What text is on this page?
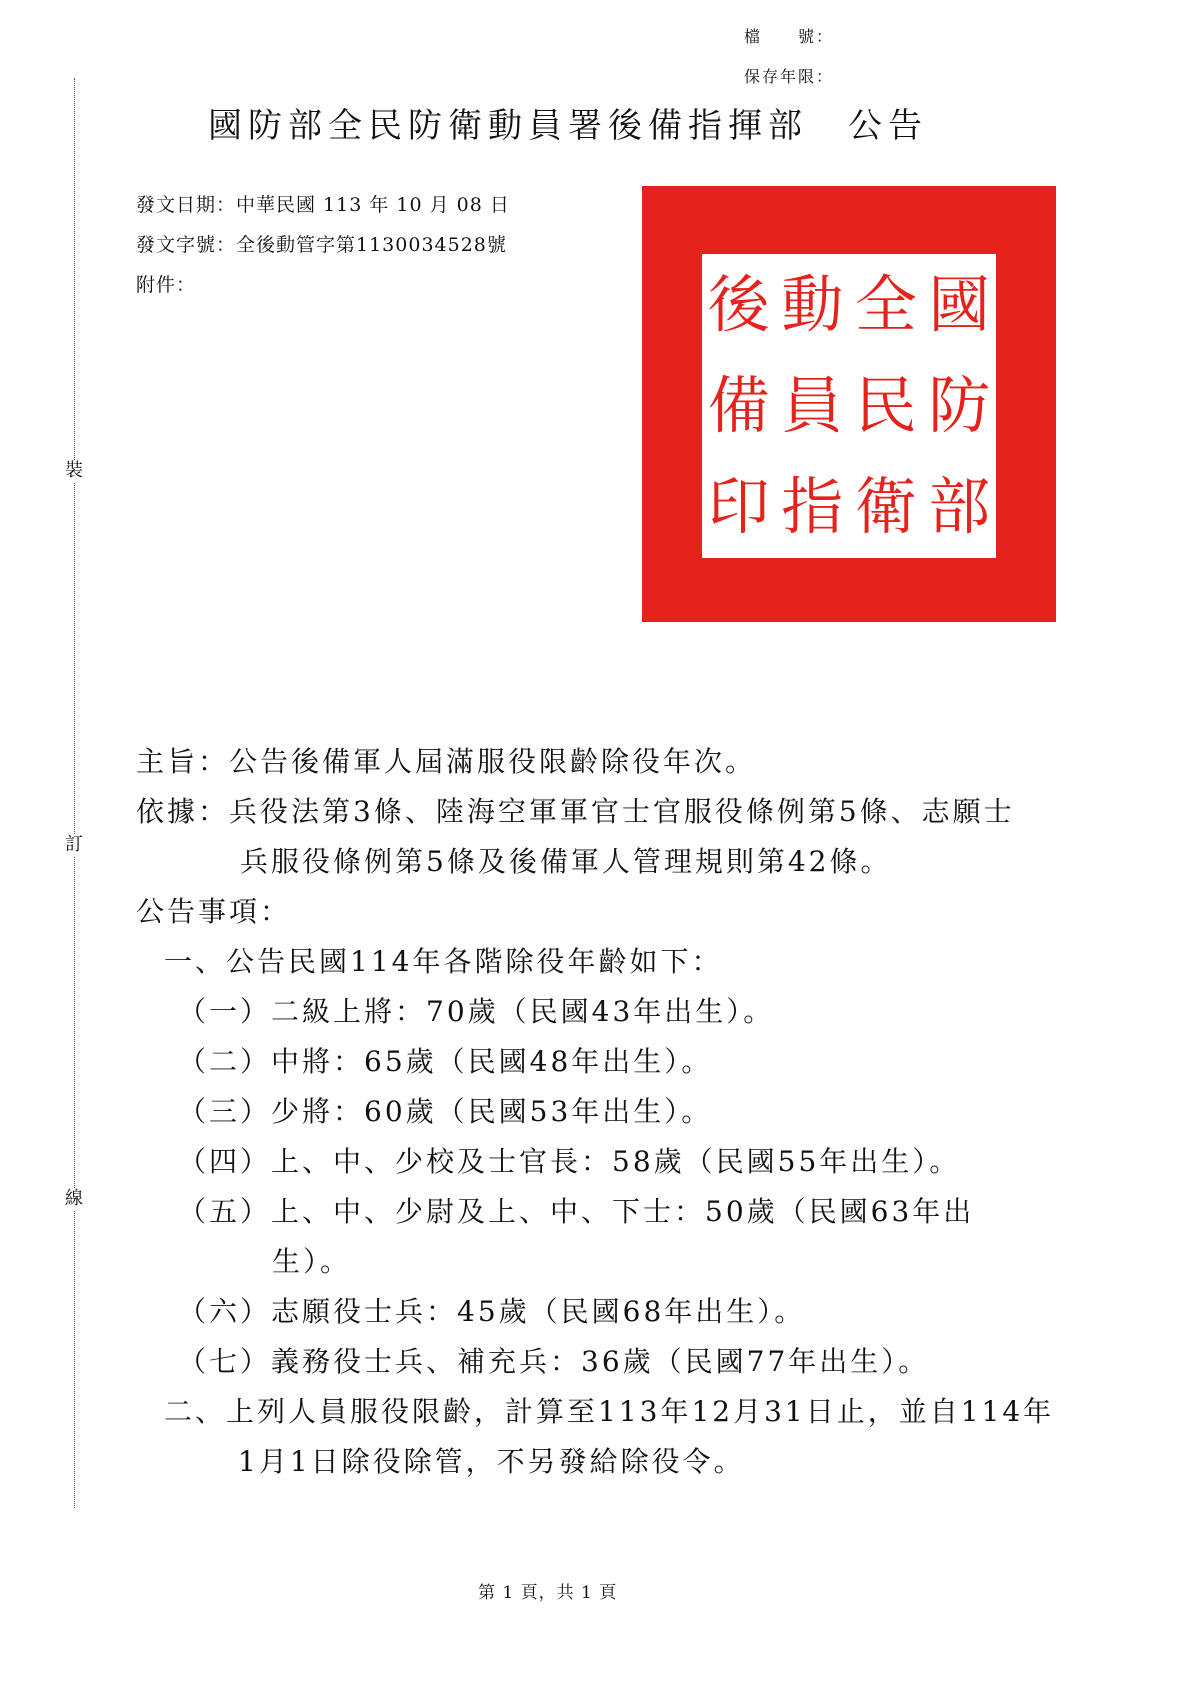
裝
訂
線
檔　　號：
保存年限：
國防部全民防衛動員署後備指揮部　公告
發文日期：中華民國 113 年 10 月 08 日
發文字號：全後動管字第1130034528號
附件：	國
防
部
全
民
衛
動
員
指
後
備
印
主旨：公告後備軍人屆滿服役限齡除役年次。
依據：兵役法第3條、陸海空軍軍官士官服役條例第5條、志願士
兵服役條例第5條及後備軍人管理規則第42條。
公告事項：
一、公告民國114年各階除役年齡如下：
（一）二級上將：70歲（民國43年出生）。
（二）中將：65歲（民國48年出生）。
（三）少將：60歲（民國53年出生）。
（四）上、中、少校及士官長：58歲（民國55年出生）。
（五）上、中、少尉及上、中、下士：50歲（民國63年出
生）。
（六）志願役士兵：45歲（民國68年出生）。
（七）義務役士兵、補充兵：36歲（民國77年出生）。
二、上列人員服役限齡，計算至113年12月31日止，並自114年
1月1日除役除管，不另發給除役令。
第 1 頁，共 1 頁
